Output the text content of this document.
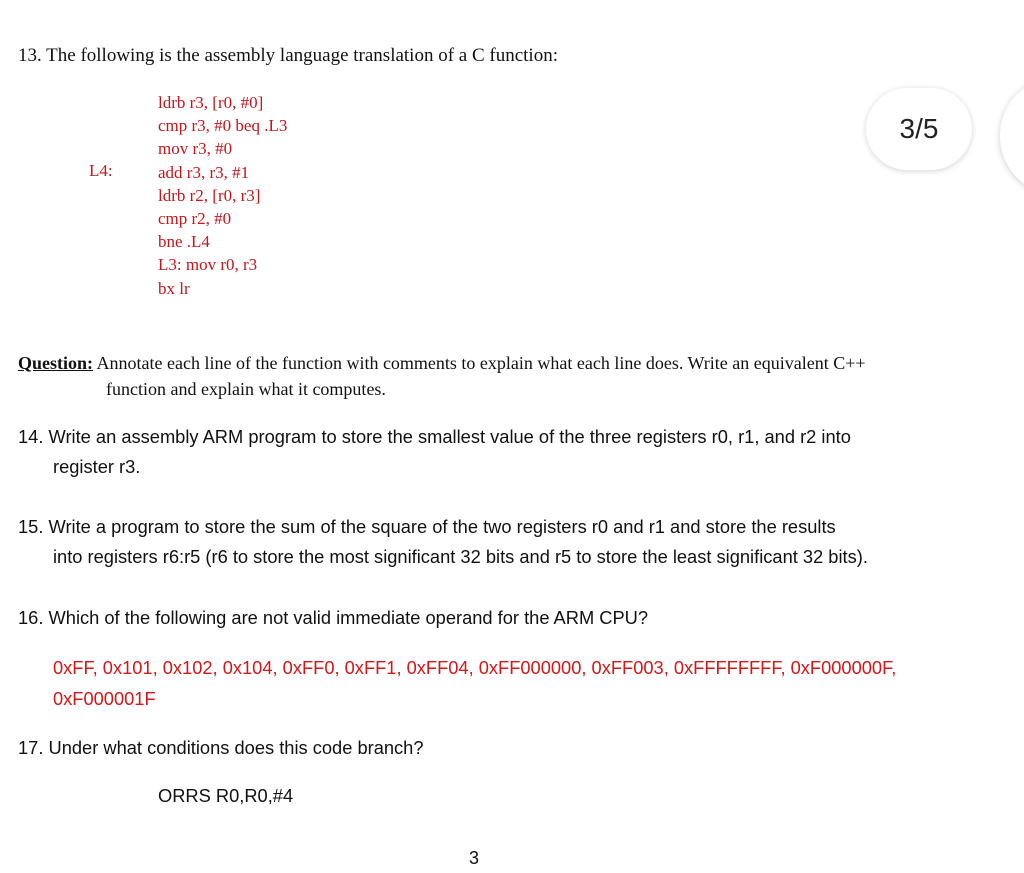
13. The following is the assembly language translation of a C function:
L4:
ldrb r3, [r0, #0]
cmp r3, #0 beq .L3
mov r3, #0
add r3, r3, #1
ldrb r2, [r0, r3]
cmp r2, #0
bne .L4
L3: mov r0, r3
bx lr
Question: Annotate each line of the function with comments to explain what each line does. Write an equivalent C++
function and explain what it computes.
14. Write an assembly ARM program to store the smallest value of the three registers r0, r1, and r2 into
register r3.
15. Write a program to store the sum of the square of the two registers r0 and r1 and store the results
into registers r6:r5 (r6 to store the most significant 32 bits and r5 to store the least significant 32 bits).
16. Which of the following are not valid immediate operand for the ARM CPU?
0xFF, 0x101, 0x102, 0x104, 0xFF0, 0xFF1, 0xFF04, 0xFF000000, 0xFF003, 0xFFFFFFFF, 0xF000000F,
0xF000001F
17. Under what conditions does this code branch?
ORRS R0,R0,#4
3
3/5
